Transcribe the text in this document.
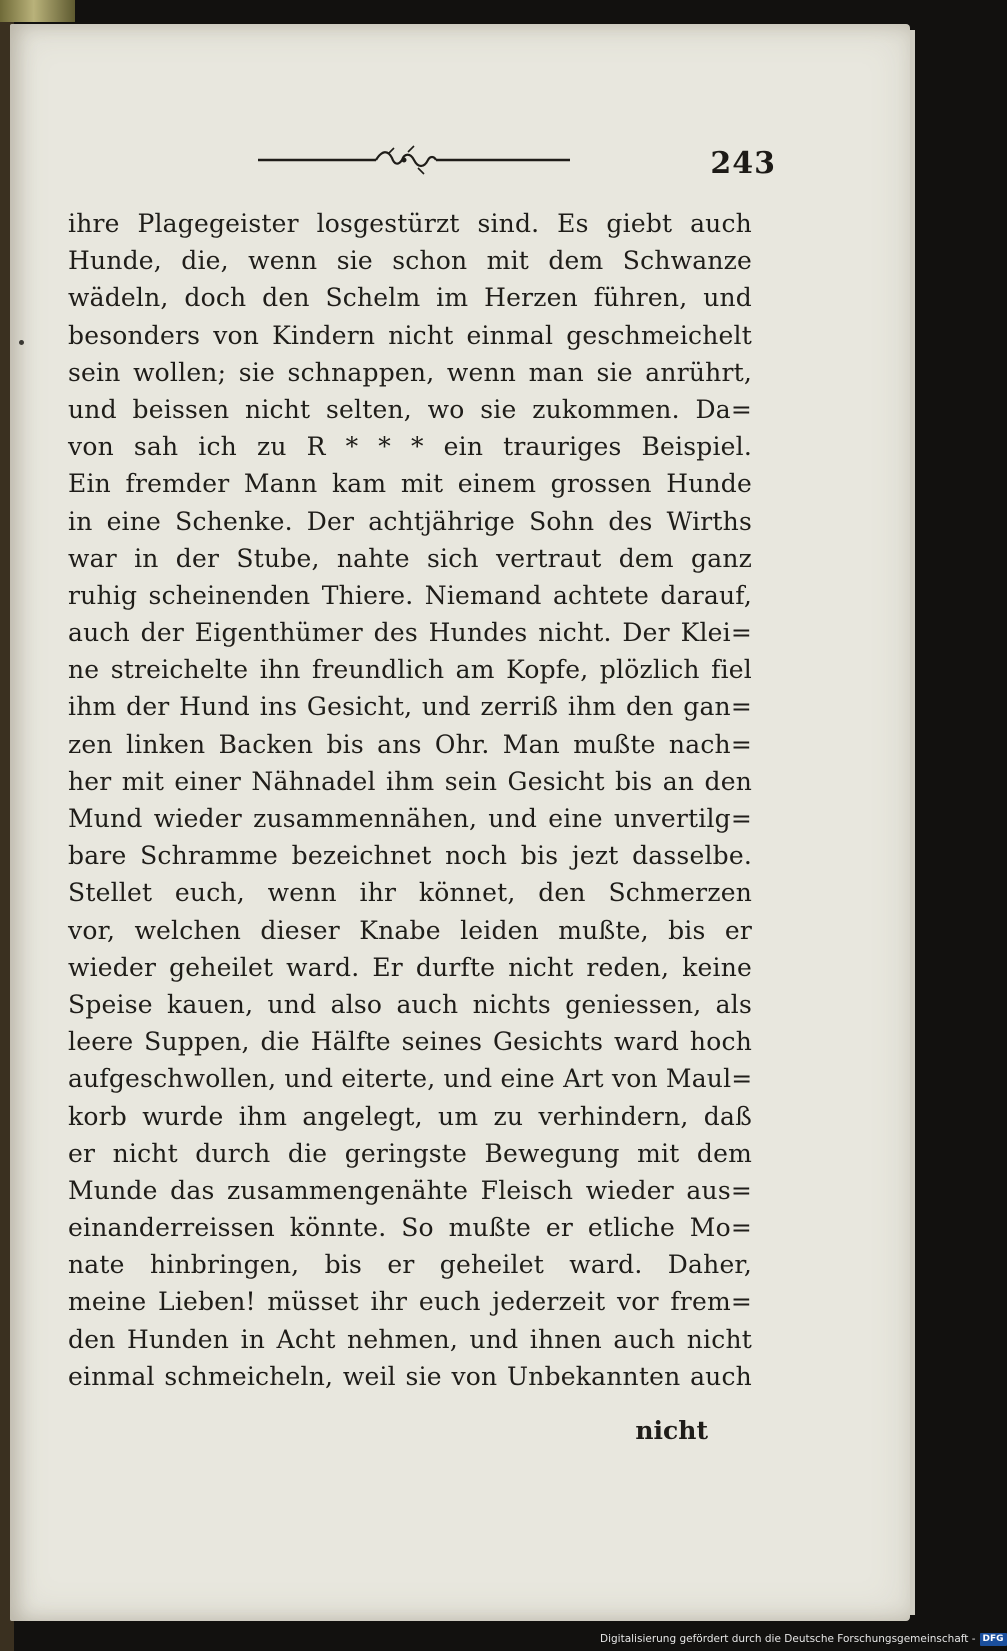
243
ihre Plagegeister losgestürzt sind. Es giebt auch
Hunde, die, wenn sie schon mit dem Schwanze
wädeln, doch den Schelm im Herzen führen, und
besonders von Kindern nicht einmal geschmeichelt
sein wollen; sie schnappen, wenn man sie anrührt,
und beissen nicht selten, wo sie zukommen. Da=
von sah ich zu R * * * ein trauriges Beispiel.
Ein fremder Mann kam mit einem grossen Hunde
in eine Schenke. Der achtjährige Sohn des Wirths
war in der Stube, nahte sich vertraut dem ganz
ruhig scheinenden Thiere. Niemand achtete darauf,
auch der Eigenthümer des Hundes nicht. Der Klei=
ne streichelte ihn freundlich am Kopfe, plözlich fiel
ihm der Hund ins Gesicht, und zerriß ihm den gan=
zen linken Backen bis ans Ohr. Man mußte nach=
her mit einer Nähnadel ihm sein Gesicht bis an den
Mund wieder zusammennähen, und eine unvertilg=
bare Schramme bezeichnet noch bis jezt dasselbe.
Stellet euch, wenn ihr könnet, den Schmerzen
vor, welchen dieser Knabe leiden mußte, bis er
wieder geheilet ward. Er durfte nicht reden, keine
Speise kauen, und also auch nichts geniessen, als
leere Suppen, die Hälfte seines Gesichts ward hoch
aufgeschwollen, und eiterte, und eine Art von Maul=
korb wurde ihm angelegt, um zu verhindern, daß
er nicht durch die geringste Bewegung mit dem
Munde das zusammengenähte Fleisch wieder aus=
einanderreissen könnte. So mußte er etliche Mo=
nate hinbringen, bis er geheilet ward. Daher,
meine Lieben! müsset ihr euch jederzeit vor frem=
den Hunden in Acht nehmen, und ihnen auch nicht
einmal schmeicheln, weil sie von Unbekannten auch
nicht
Digitalisierung gefördert durch die Deutsche Forschungsgemeinschaft - DFG
